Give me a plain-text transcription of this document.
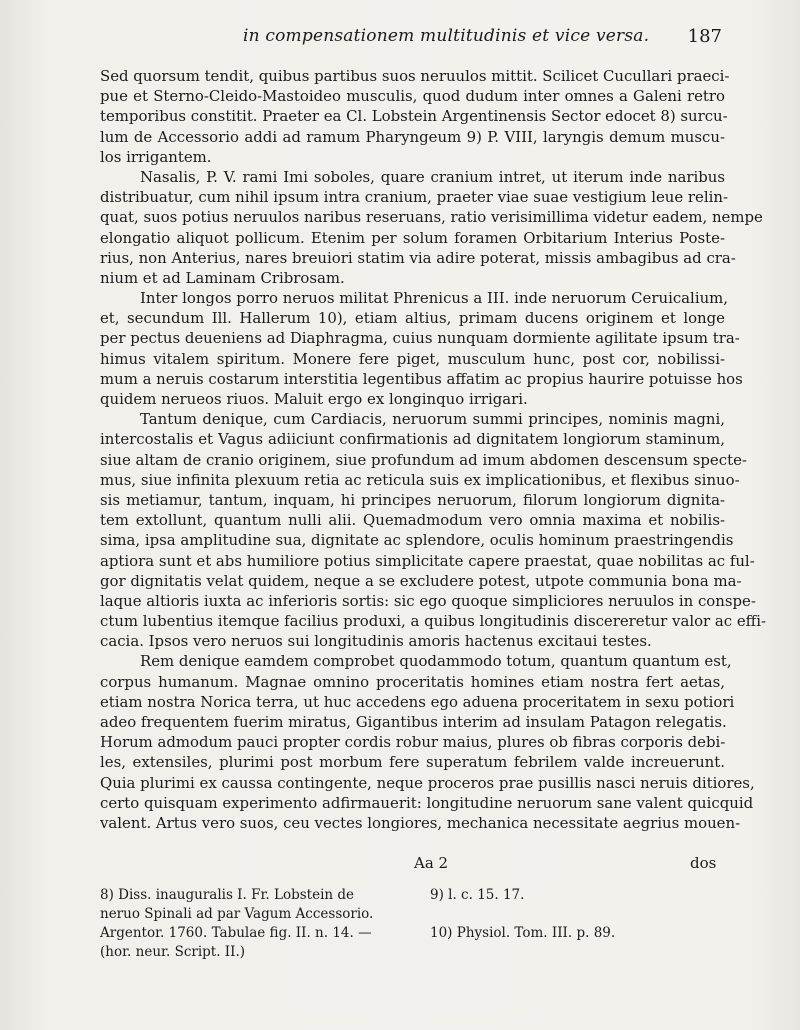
in compensationem multitudinis et vice versa. 187
Sed quorsum tendit, quibus partibus suos neruulos mittit. Scilicet Cucullari praeci-
pue et Sterno-Cleido-Mastoideo musculis, quod dudum inter omnes a Galeni retro
temporibus constitit. Praeter ea Cl. Lobstein Argentinensis Sector edocet 8) surcu-
lum de Accessorio addi ad ramum Pharyngeum 9) P. VIII, laryngis demum muscu-
los irrigantem.
Nasalis, P. V. rami Imi soboles, quare cranium intret, ut iterum inde naribus
distribuatur, cum nihil ipsum intra cranium, praeter viae suae vestigium leue relin-
quat, suos potius neruulos naribus reseruans, ratio verisimillima videtur eadem, nempe
elongatio aliquot pollicum. Etenim per solum foramen Orbitarium Interius Poste-
rius, non Anterius, nares breuiori statim via adire poterat, missis ambagibus ad cra-
nium et ad Laminam Cribrosam.
Inter longos porro neruos militat Phrenicus a III. inde neruorum Ceruicalium,
et, secundum Ill. Hallerum 10), etiam altius, primam ducens originem et longe
per pectus deueniens ad Diaphragma, cuius nunquam dormiente agilitate ipsum tra-
himus vitalem spiritum. Monere fere piget, musculum hunc, post cor, nobilissi-
mum a neruis costarum interstitia legentibus affatim ac propius haurire potuisse hos
quidem nerueos riuos. Maluit ergo ex longinquo irrigari.
Tantum denique, cum Cardiacis, neruorum summi principes, nominis magni,
intercostalis et Vagus adiiciunt confirmationis ad dignitatem longiorum staminum,
siue altam de cranio originem, siue profundum ad imum abdomen descensum specte-
mus, siue infinita plexuum retia ac reticula suis ex implicationibus, et flexibus sinuo-
sis metiamur, tantum, inquam, hi principes neruorum, filorum longiorum dignita-
tem extollunt, quantum nulli alii. Quemadmodum vero omnia maxima et nobilis-
sima, ipsa amplitudine sua, dignitate ac splendore, oculis hominum praestringendis
aptiora sunt et abs humiliore potius simplicitate capere praestat, quae nobilitas ac ful-
gor dignitatis velat quidem, neque a se excludere potest, utpote communia bona ma-
laque altioris iuxta ac inferioris sortis: sic ego quoque simpliciores neruulos in conspe-
ctum lubentius itemque facilius produxi, a quibus longitudinis discereretur valor ac effi-
cacia. Ipsos vero neruos sui longitudinis amoris hactenus excitaui testes.
Rem denique eamdem comprobet quodammodo totum, quantum quantum est,
corpus humanum. Magnae omnino proceritatis homines etiam nostra fert aetas,
etiam nostra Norica terra, ut huc accedens ego aduena proceritatem in sexu potiori
adeo frequentem fuerim miratus, Gigantibus interim ad insulam Patagon relegatis.
Horum admodum pauci propter cordis robur maius, plures ob fibras corporis debi-
les, extensiles, plurimi post morbum fere superatum febrilem valde increuerunt.
Quia plurimi ex caussa contingente, neque proceros prae pusillis nasci neruis ditiores,
certo quisquam experimento adfirmauerit: longitudine neruorum sane valent quicquid
valent. Artus vero suos, ceu vectes longiores, mechanica necessitate aegrius mouen-
Aa 2	dos
8) Diss. inauguralis I. Fr. Lobstein de
neruo Spinali ad par Vagum Accessorio.
Argentor. 1760. Tabulae fig. II. n. 14. —
(hor. neur. Script. II.)
9) l. c. 15. 17.

10) Physiol. Tom. III. p. 89.
